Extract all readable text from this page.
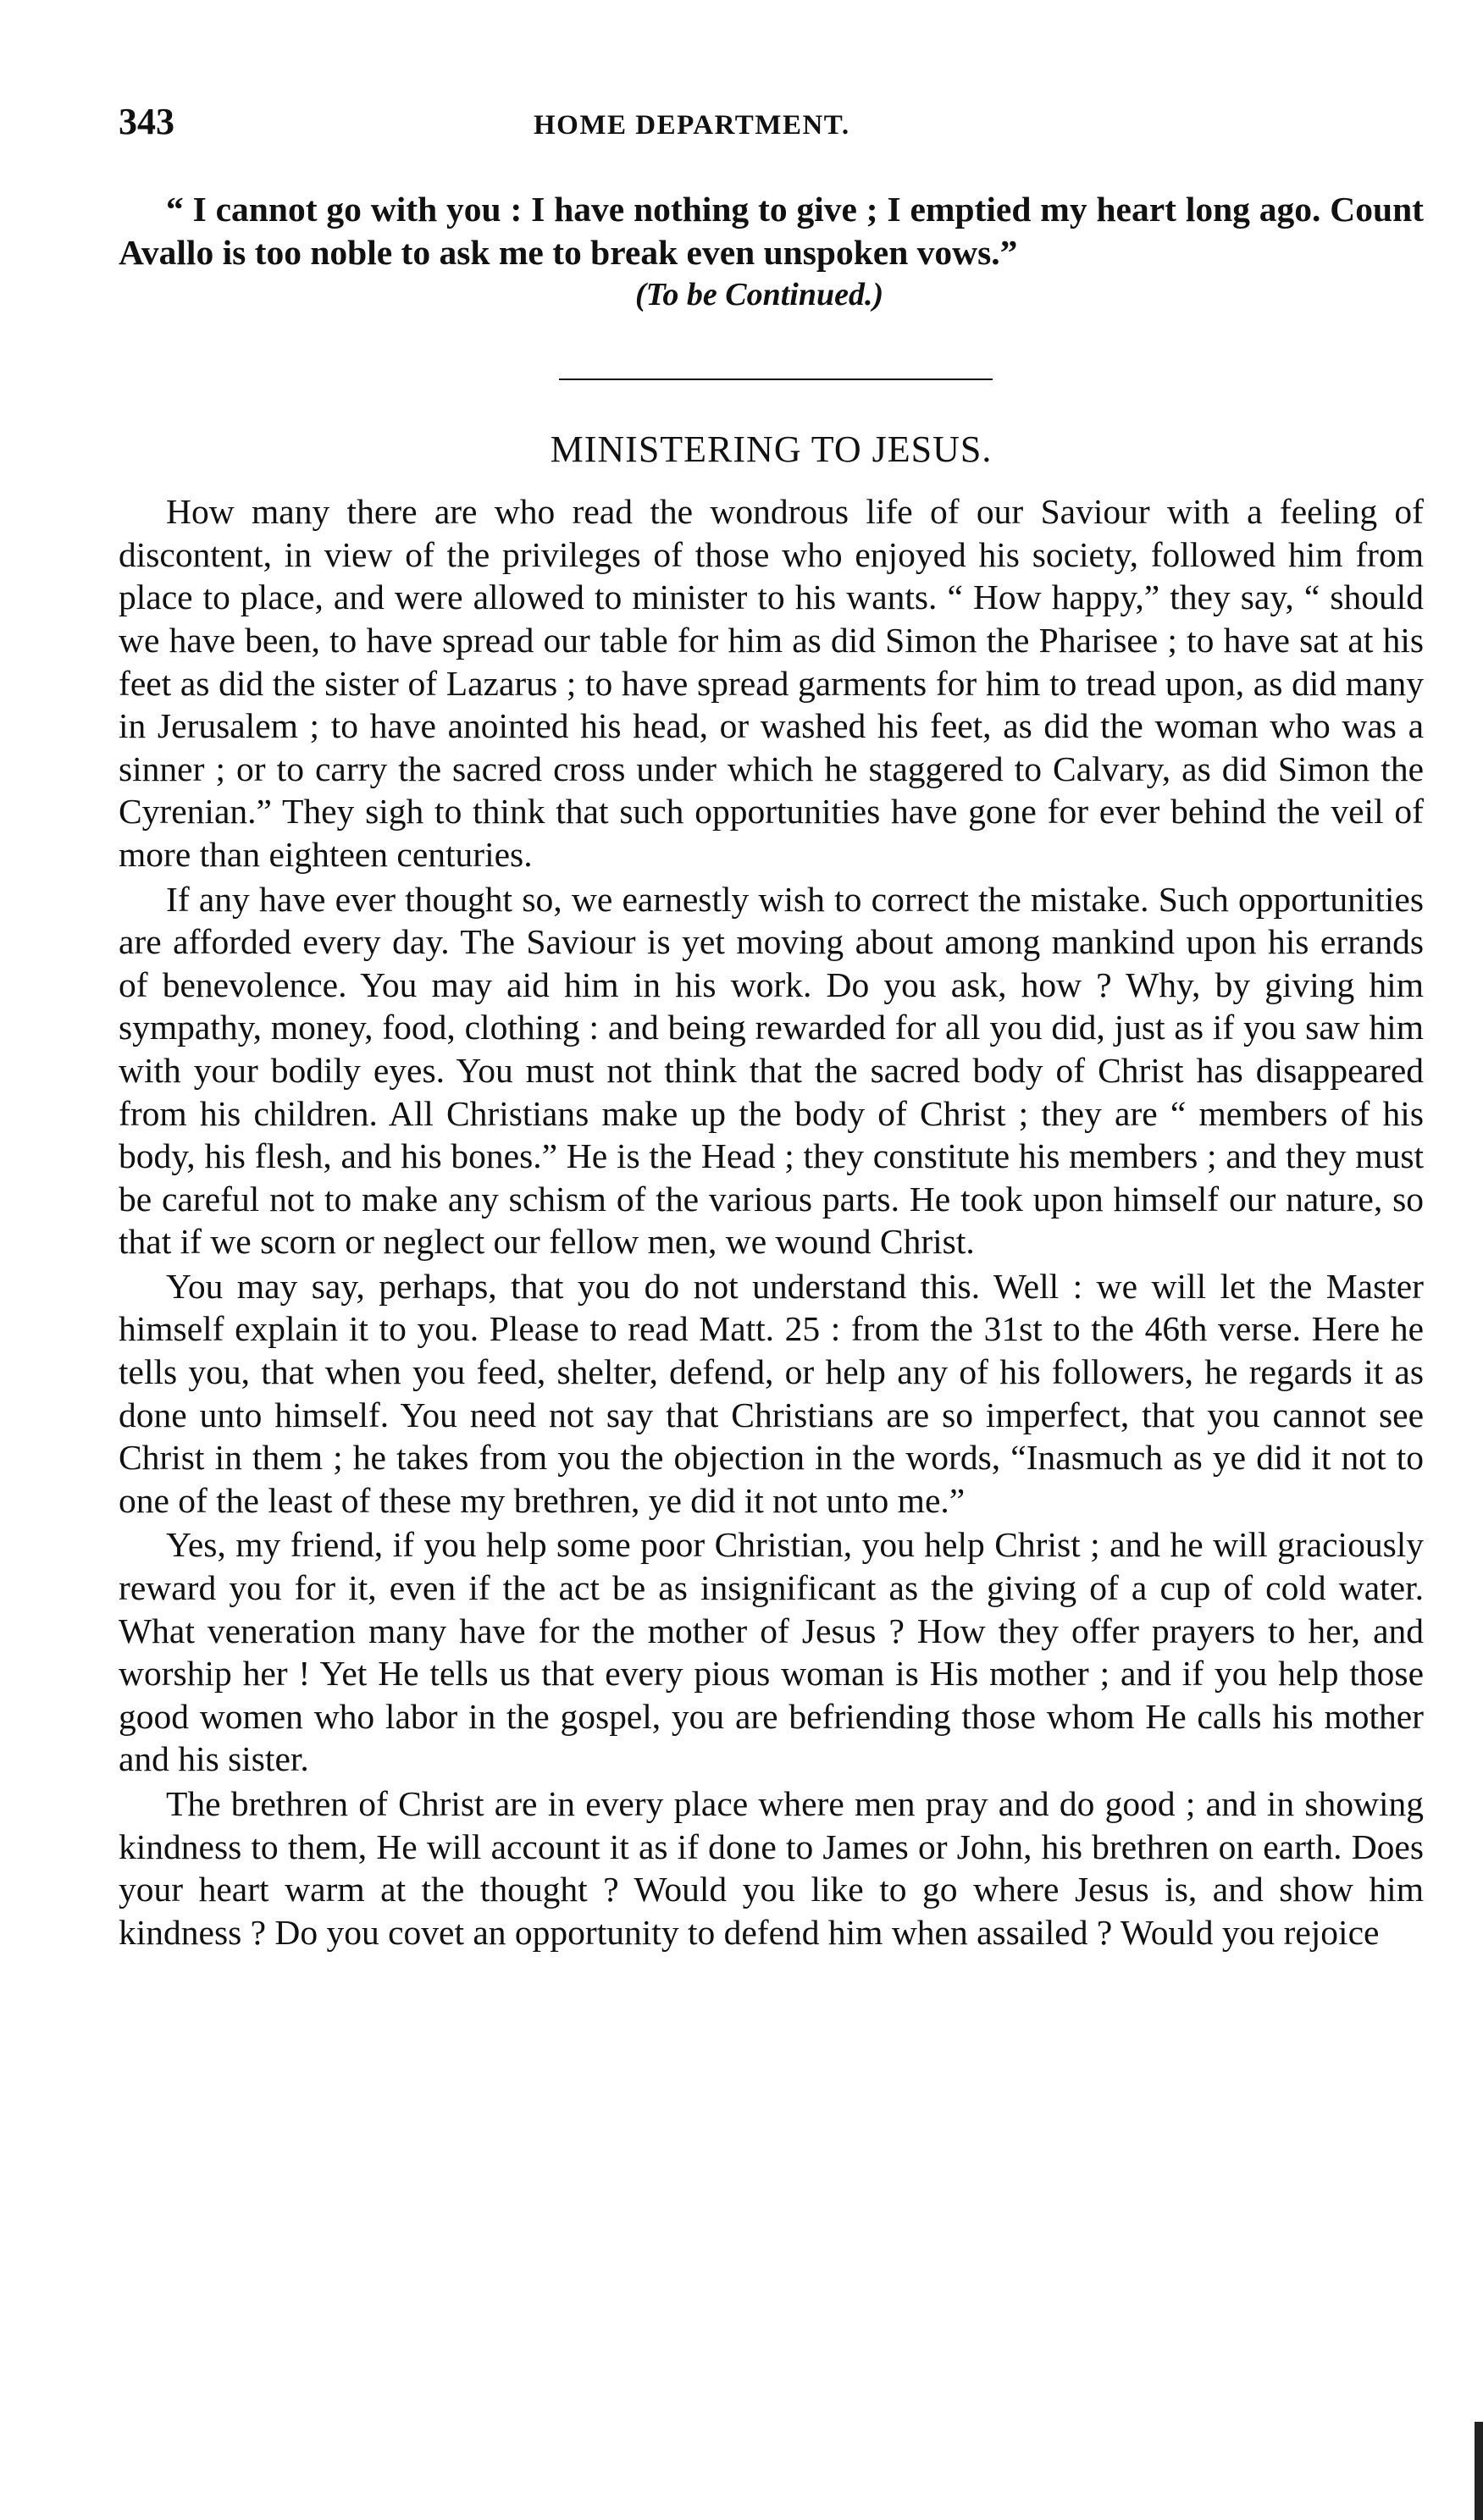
343	HOME DEPARTMENT.

“ I cannot go with you : I have nothing to give ; I emptied my heart long ago. Count Avallo is too noble to ask me to break even unspoken vows.”

(To be Continued.)

MINISTERING TO JESUS.

How many there are who read the wondrous life of our Saviour with a feeling of discontent, in view of the privileges of those who enjoyed his society, followed him from place to place, and were allowed to minister to his wants. “ How happy,” they say, “ should we have been, to have spread our table for him as did Simon the Pharisee ; to have sat at his feet as did the sister of Lazarus ; to have spread garments for him to tread upon, as did many in Jerusalem ; to have anointed his head, or washed his feet, as did the woman who was a sinner ; or to carry the sacred cross under which he staggered to Calvary, as did Simon the Cyrenian.” They sigh to think that such opportunities have gone for ever behind the veil of more than eighteen centuries.

If any have ever thought so, we earnestly wish to correct the mistake. Such opportunities are afforded every day. The Saviour is yet moving about among mankind upon his errands of benevolence. You may aid him in his work. Do you ask, how ? Why, by giving him sympathy, money, food, clothing : and being rewarded for all you did, just as if you saw him with your bodily eyes. You must not think that the sacred body of Christ has disappeared from his children. All Christians make up the body of Christ ; they are “ members of his body, his flesh, and his bones.” He is the Head ; they constitute his members ; and they must be careful not to make any schism of the various parts. He took upon himself our nature, so that if we scorn or neglect our fellow men, we wound Christ.

You may say, perhaps, that you do not understand this. Well : we will let the Master himself explain it to you. Please to read Matt. 25 : from the 31st to the 46th verse. Here he tells you, that when you feed, shelter, defend, or help any of his followers, he regards it as done unto himself. You need not say that Christians are so imperfect, that you cannot see Christ in them ; he takes from you the objection in the words, “Inasmuch as ye did it not to one of the least of these my brethren, ye did it not unto me.”

Yes, my friend, if you help some poor Christian, you help Christ ; and he will graciously reward you for it, even if the act be as insignificant as the giving of a cup of cold water. What veneration many have for the mother of Jesus ? How they offer prayers to her, and worship her ! Yet He tells us that every pious woman is His mother ; and if you help those good women who labor in the gospel, you are befriending those whom He calls his mother and his sister.

The brethren of Christ are in every place where men pray and do good ; and in showing kindness to them, He will account it as if done to James or John, his brethren on earth. Does your heart warm at the thought ? Would you like to go where Jesus is, and show him kindness ? Do you covet an opportunity to defend him when assailed ? Would you rejoice
